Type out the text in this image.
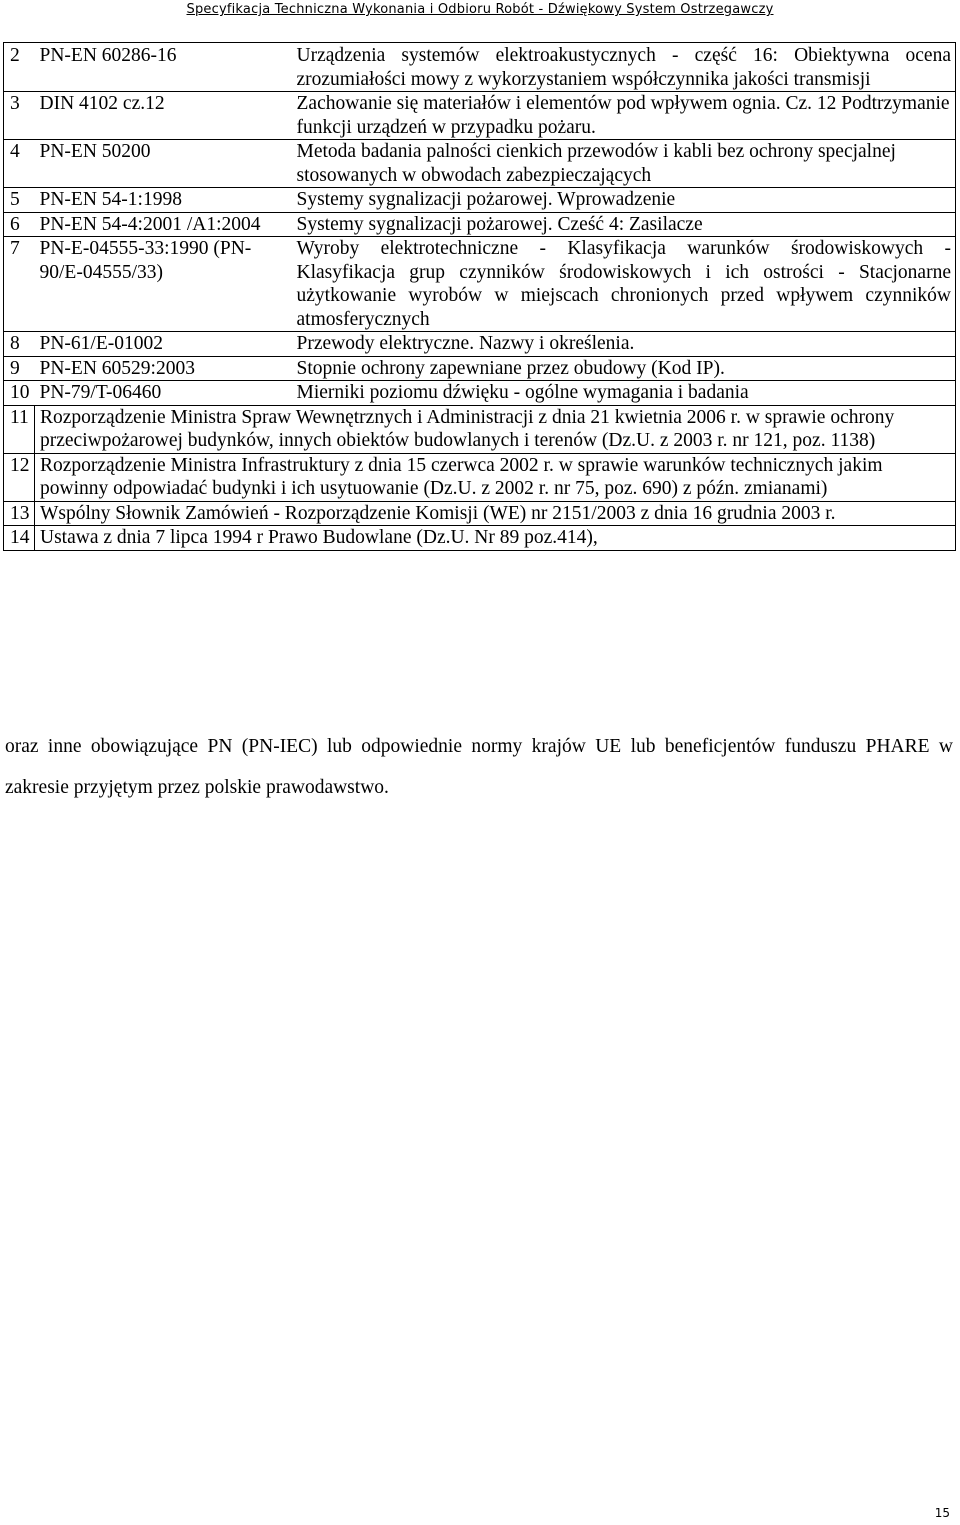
Specyfikacja Techniczna Wykonania i Odbioru Robót - Dźwiękowy System Ostrzegawczy
2	PN-EN 60286-16	Urządzenia systemów elektroakustycznych - część 16: Obiektywna ocena zrozumiałości mowy z wykorzystaniem współczynnika jakości transmisji
3	DIN 4102 cz.12	Zachowanie się materiałów i elementów pod wpływem ognia. Cz. 12 Podtrzymanie funkcji urządzeń w przypadku pożaru.
4	PN-EN 50200	Metoda badania palności cienkich przewodów i kabli bez ochrony specjalnej stosowanych w obwodach zabezpieczających
5	PN-EN 54-1:1998	Systemy sygnalizacji pożarowej. Wprowadzenie
6	PN-EN 54-4:2001 /A1:2004	Systemy sygnalizacji pożarowej. Cześć 4: Zasilacze
7	PN-E-04555-33:1990 (PN-90/E-04555/33)	Wyroby elektrotechniczne - Klasyfikacja warunków środowiskowych - Klasyfikacja grup czynników środowiskowych i ich ostrości - Stacjonarne użytkowanie wyrobów w miejscach chronionych przed wpływem czynników atmosferycznych
8	PN-61/E-01002	Przewody elektryczne. Nazwy i określenia.
9	PN-EN 60529:2003	Stopnie ochrony zapewniane przez obudowy (Kod IP).
10	PN-79/T-06460	Mierniki poziomu dźwięku - ogólne wymagania i badania
11	Rozporządzenie Ministra Spraw Wewnętrznych i Administracji z dnia 21 kwietnia 2006 r. w sprawie ochrony przeciwpożarowej budynków, innych obiektów budowlanych i terenów (Dz.U. z 2003 r. nr 121, poz. 1138)	
12	Rozporządzenie Ministra Infrastruktury z dnia 15 czerwca 2002 r. w sprawie warunków technicznych jakim powinny odpowiadać budynki i ich usytuowanie (Dz.U. z 2002 r. nr 75, poz. 690) z późn. zmianami)	
13	Wspólny Słownik Zamówień - Rozporządzenie Komisji (WE) nr 2151/2003 z dnia 16 grudnia 2003 r.	
14	Ustawa z dnia 7 lipca 1994 r Prawo Budowlane (Dz.U. Nr 89 poz.414),	

oraz inne obowiązujące PN (PN-IEC) lub odpowiednie normy krajów UE lub beneficjentów funduszu PHARE w zakresie przyjętym przez polskie prawodawstwo.

15
